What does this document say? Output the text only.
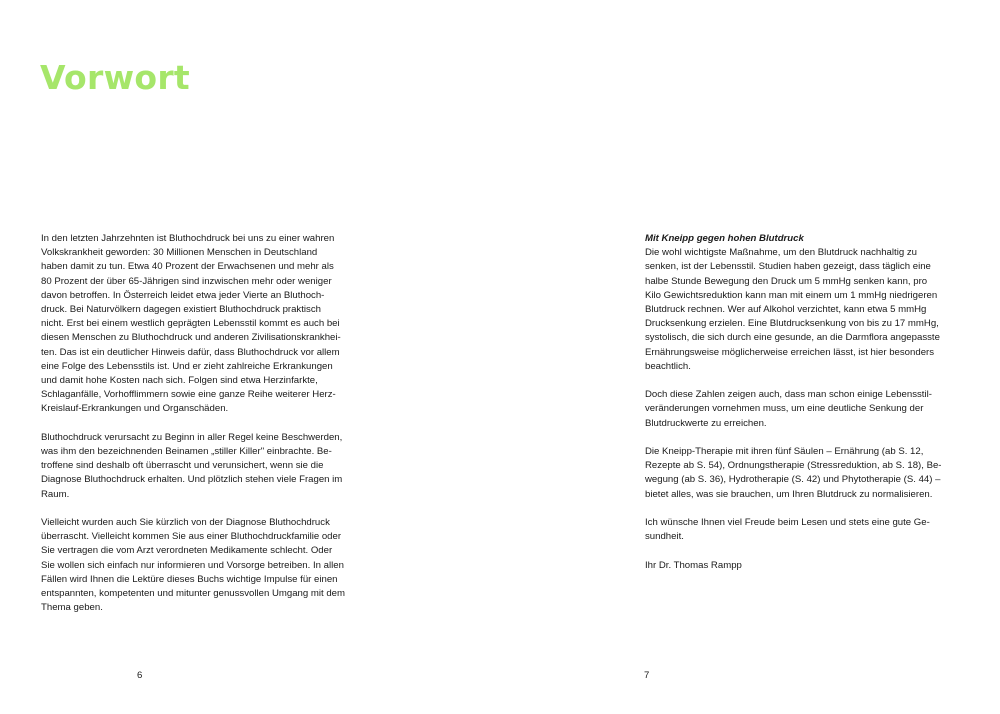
Vorwort

In den letzten Jahrzehnten ist Bluthochdruck bei uns zu einer wahren
Volkskrankheit geworden: 30 Millionen Menschen in Deutschland
haben damit zu tun. Etwa 40 Prozent der Erwachsenen und mehr als
80 Prozent der über 65-Jährigen sind inzwischen mehr oder weniger
davon betroffen. In Österreich leidet etwa jeder Vierte an Bluthoch-
druck. Bei Naturvölkern dagegen existiert Bluthochdruck praktisch
nicht. Erst bei einem westlich geprägten Lebensstil kommt es auch bei
diesen Menschen zu Bluthochdruck und anderen Zivilisationskrankhei-
ten. Das ist ein deutlicher Hinweis dafür, dass Bluthochdruck vor allem
eine Folge des Lebensstils ist. Und er zieht zahlreiche Erkrankungen
und damit hohe Kosten nach sich. Folgen sind etwa Herzinfarkte,
Schlaganfälle, Vorhofflimmern sowie eine ganze Reihe weiterer Herz-
Kreislauf-Erkrankungen und Organschäden.

Bluthochdruck verursacht zu Beginn in aller Regel keine Beschwerden,
was ihm den bezeichnenden Beinamen „stiller Killer" einbrachte. Be-
troffene sind deshalb oft überrascht und verunsichert, wenn sie die
Diagnose Bluthochdruck erhalten. Und plötzlich stehen viele Fragen im
Raum.

Vielleicht wurden auch Sie kürzlich von der Diagnose Bluthochdruck
überrascht. Vielleicht kommen Sie aus einer Bluthochdruckfamilie oder
Sie vertragen die vom Arzt verordneten Medikamente schlecht. Oder
Sie wollen sich einfach nur informieren und Vorsorge betreiben. In allen
Fällen wird Ihnen die Lektüre dieses Buchs wichtige Impulse für einen
entspannten, kompetenten und mitunter genussvollen Umgang mit dem
Thema geben.

Mit Kneipp gegen hohen Blutdruck

Die wohl wichtigste Maßnahme, um den Blutdruck nachhaltig zu
senken, ist der Lebensstil. Studien haben gezeigt, dass täglich eine
halbe Stunde Bewegung den Druck um 5 mmHg senken kann, pro
Kilo Gewichtsreduktion kann man mit einem um 1 mmHg niedrigeren
Blutdruck rechnen. Wer auf Alkohol verzichtet, kann etwa 5 mmHg
Drucksenkung erzielen. Eine Blutdrucksenkung von bis zu 17 mmHg,
systolisch, die sich durch eine gesunde, an die Darmflora angepasste
Ernährungsweise möglicherweise erreichen lässt, ist hier besonders
beachtlich.

Doch diese Zahlen zeigen auch, dass man schon einige Lebensstil-
veränderungen vornehmen muss, um eine deutliche Senkung der
Blutdruckwerte zu erreichen.

Die Kneipp-Therapie mit ihren fünf Säulen – Ernährung (ab S. 12,
Rezepte ab S. 54), Ordnungstherapie (Stressreduktion, ab S. 18), Be-
wegung (ab S. 36), Hydrotherapie (S. 42) und Phytotherapie (S. 44) –
bietet alles, was sie brauchen, um Ihren Blutdruck zu normalisieren.

Ich wünsche Ihnen viel Freude beim Lesen und stets eine gute Ge-
sundheit.

Ihr Dr. Thomas Rampp

6	7
